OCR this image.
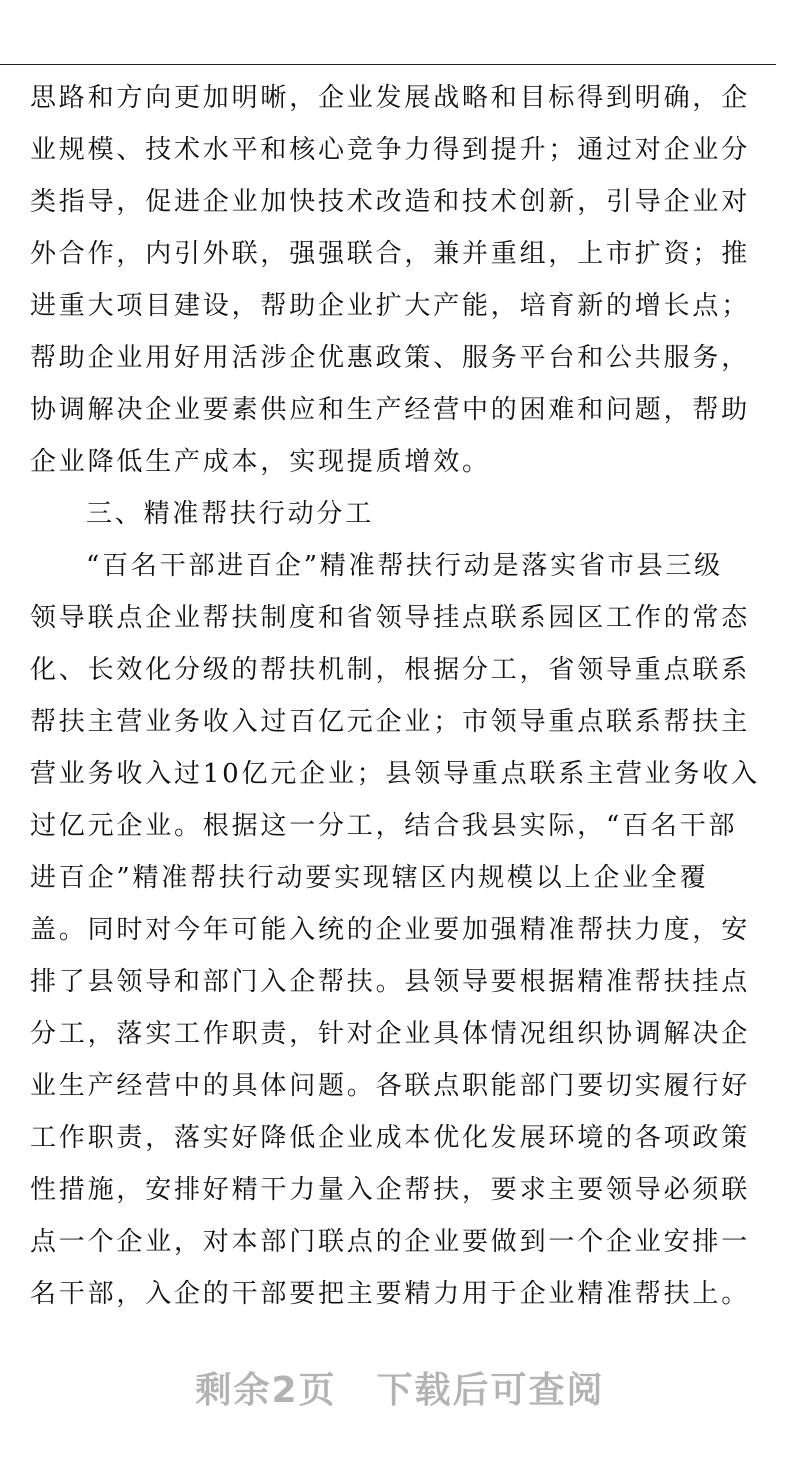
思路和方向更加明晰，企业发展战略和目标得到明确，企
业规模、技术水平和核心竞争力得到提升；通过对企业分
类指导，促进企业加快技术改造和技术创新，引导企业对
外合作，内引外联，强强联合，兼并重组，上市扩资；推
进重大项目建设，帮助企业扩大产能，培育新的增长点；
帮助企业用好用活涉企优惠政策、服务平台和公共服务，
协调解决企业要素供应和生产经营中的困难和问题，帮助
企业降低生产成本，实现提质增效。
三、精准帮扶行动分工
“百名干部进百企”精准帮扶行动是落实省市县三级
领导联点企业帮扶制度和省领导挂点联系园区工作的常态
化、长效化分级的帮扶机制，根据分工，省领导重点联系
帮扶主营业务收入过百亿元企业；市领导重点联系帮扶主
营业务收入过10亿元企业；县领导重点联系主营业务收入
过亿元企业。根据这一分工，结合我县实际，“百名干部
进百企”精准帮扶行动要实现辖区内规模以上企业全覆
盖。同时对今年可能入统的企业要加强精准帮扶力度，安
排了县领导和部门入企帮扶。县领导要根据精准帮扶挂点
分工，落实工作职责，针对企业具体情况组织协调解决企
业生产经营中的具体问题。各联点职能部门要切实履行好
工作职责，落实好降低企业成本优化发展环境的各项政策
性措施，安排好精干力量入企帮扶，要求主要领导必须联
点一个企业，对本部门联点的企业要做到一个企业安排一
名干部，入企的干部要把主要精力用于企业精准帮扶上。
剩余2页 下载后可查阅
